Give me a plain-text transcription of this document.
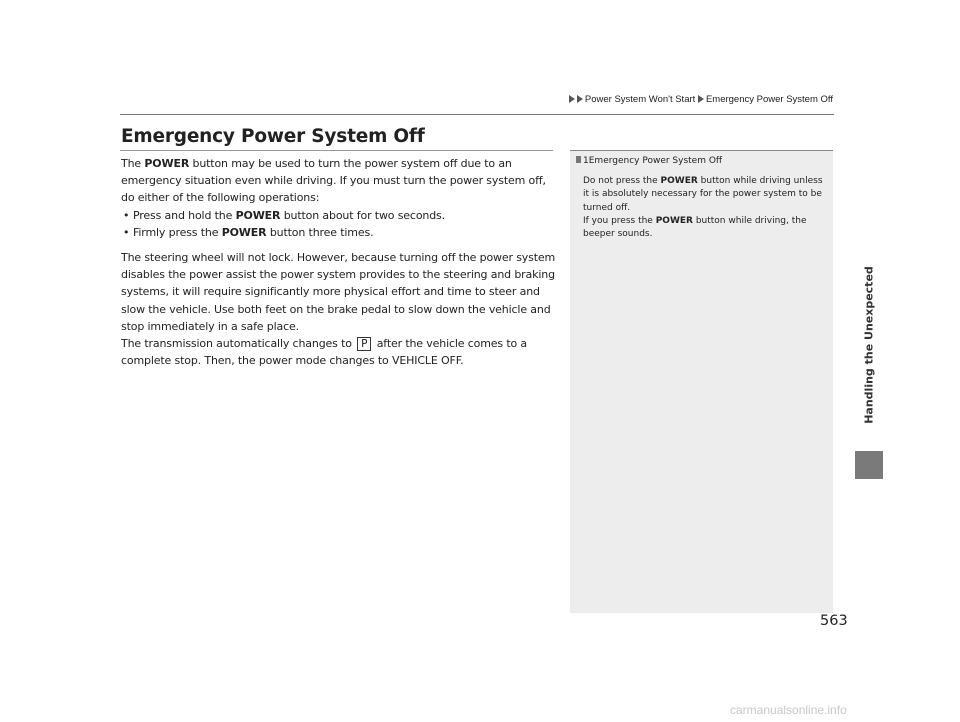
Power System Won't Start Emergency Power System Off
Emergency Power System Off

The POWER button may be used to turn the power system off due to an emergency situation even while driving. If you must turn the power system off, do either of the following operations:

• Press and hold the POWER button about for two seconds.
• Firmly press the POWER button three times.

The steering wheel will not lock. However, because turning off the power system disables the power assist the power system provides to the steering and braking systems, it will require significantly more physical effort and time to steer and slow the vehicle. Use both feet on the brake pedal to slow down the vehicle and stop immediately in a safe place.

The transmission automatically changes to P after the vehicle comes to a complete stop. Then, the power mode changes to VEHICLE OFF.

1Emergency Power System Off

Do not press the POWER button while driving unless it is absolutely necessary for the power system to be turned off.

If you press the POWER button while driving, the beeper sounds.

Handling the Unexpected
563
carmanualsonline.info
